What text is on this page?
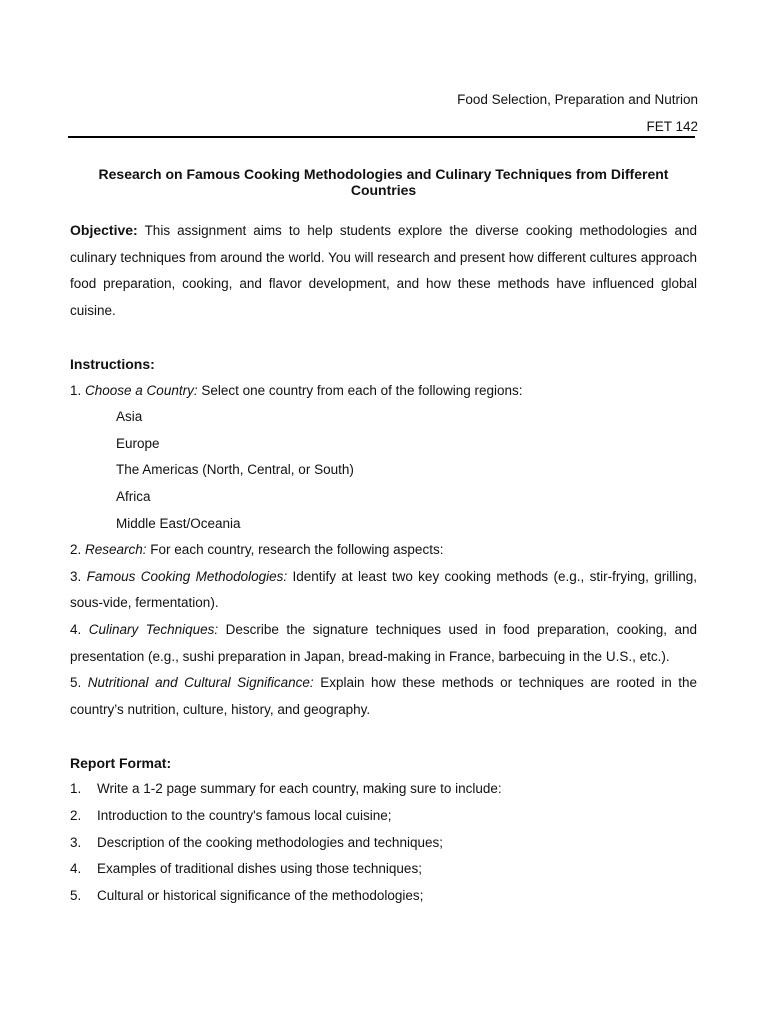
Food Selection, Preparation and Nutrion
FET 142
Research on Famous Cooking Methodologies and Culinary Techniques from Different Countries

Objective: This assignment aims to help students explore the diverse cooking methodologies and culinary techniques from around the world. You will research and present how different cultures approach food preparation, cooking, and flavor development, and how these methods have influenced global cuisine.

Instructions:
1. Choose a Country: Select one country from each of the following regions:
Asia
Europe
The Americas (North, Central, or South)
Africa
Middle East/Oceania
2. Research: For each country, research the following aspects:
3. Famous Cooking Methodologies: Identify at least two key cooking methods (e.g., stir-frying, grilling, sous-vide, fermentation).
4. Culinary Techniques: Describe the signature techniques used in food preparation, cooking, and presentation (e.g., sushi preparation in Japan, bread-making in France, barbecuing in the U.S., etc.).
5. Nutritional and Cultural Significance: Explain how these methods or techniques are rooted in the country’s nutrition, culture, history, and geography.
Report Format:
1.	Write a 1-2 page summary for each country, making sure to include:
2.	Introduction to the country's famous local cuisine;
3.	Description of the cooking methodologies and techniques;
4.	Examples of traditional dishes using those techniques;
5.	Cultural or historical significance of the methodologies;
